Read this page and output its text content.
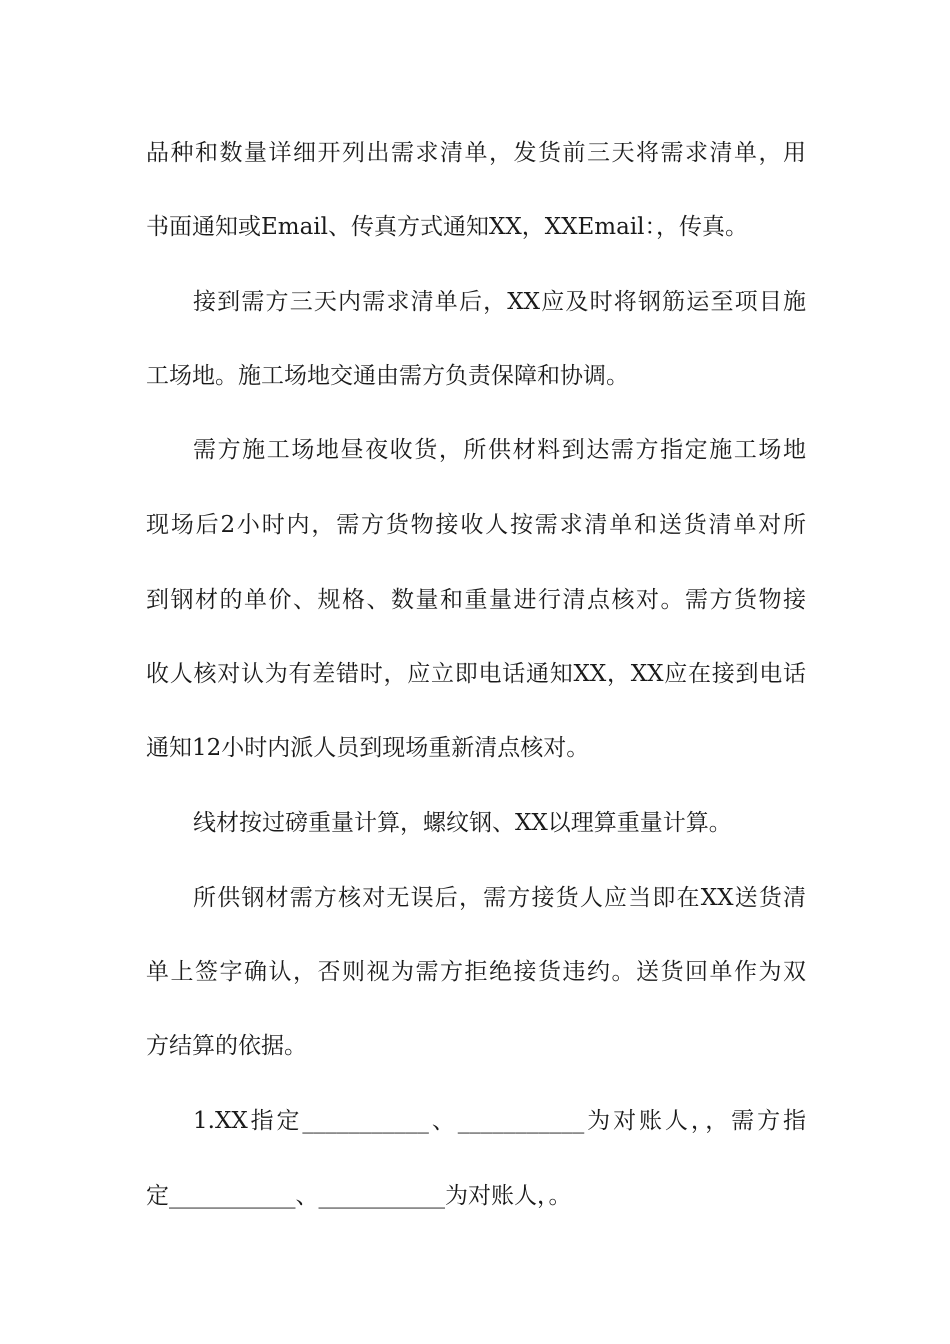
品种和数量详细开列出需求清单，发货前三天将需求清单，用
书面通知或Email、传真方式通知XX，XXEmail：，传真。
接到需方三天内需求清单后，XX应及时将钢筋运至项目施
工场地。施工场地交通由需方负责保障和协调。
需方施工场地昼夜收货，所供材料到达需方指定施工场地
现场后2小时内，需方货物接收人按需求清单和送货清单对所
到钢材的单价、规格、数量和重量进行清点核对。需方货物接
收人核对认为有差错时，应立即电话通知XX，XX应在接到电话
通知12小时内派人员到现场重新清点核对。
线材按过磅重量计算，螺纹钢、XX以理算重量计算。
所供钢材需方核对无误后，需方接货人应当即在XX送货清
单上签字确认，否则视为需方拒绝接货违约。送货回单作为双
方结算的依据。
1.XX指定___________、___________为对账人，，需方指
定___________、___________为对账人，。
